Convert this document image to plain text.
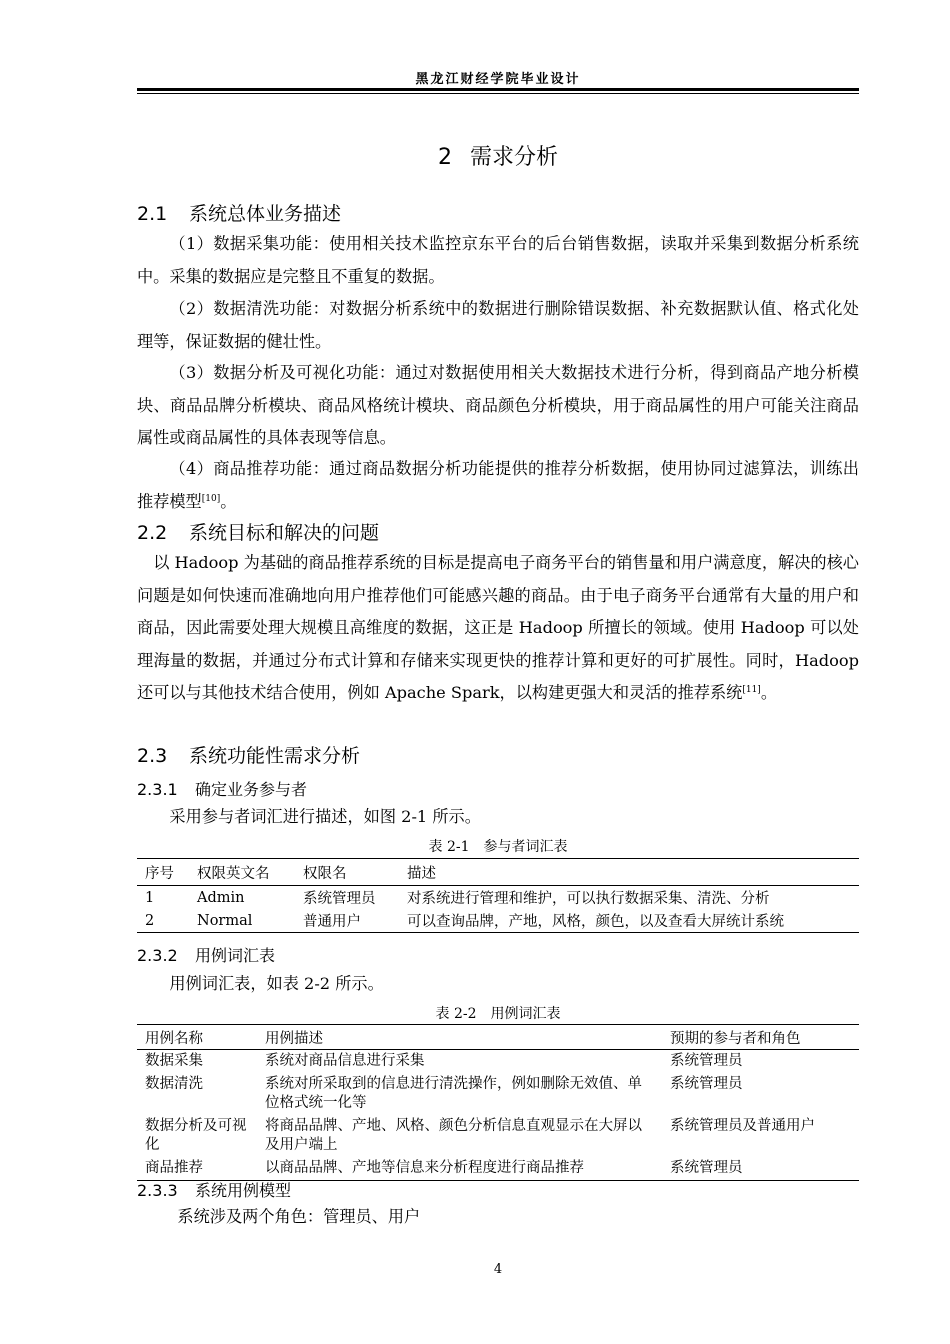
黑龙江财经学院毕业设计
2 需求分析
2.1 系统总体业务描述
（1）数据采集功能：使用相关技术监控京东平台的后台销售数据，读取并采集到数据分析系统中。采集的数据应是完整且不重复的数据。
（2）数据清洗功能：对数据分析系统中的数据进行删除错误数据、补充数据默认值、格式化处理等，保证数据的健壮性。
（3）数据分析及可视化功能：通过对数据使用相关大数据技术进行分析，得到商品产地分析模块、商品品牌分析模块、商品风格统计模块、商品颜色分析模块，用于商品属性的用户可能关注商品属性或商品属性的具体表现等信息。
（4）商品推荐功能：通过商品数据分析功能提供的推荐分析数据，使用协同过滤算法，训练出推荐模型[10]。
2.2 系统目标和解决的问题
以 Hadoop 为基础的商品推荐系统的目标是提高电子商务平台的销售量和用户满意度，解决的核心问题是如何快速而准确地向用户推荐他们可能感兴趣的商品。由于电子商务平台通常有大量的用户和商品，因此需要处理大规模且高维度的数据，这正是 Hadoop 所擅长的领域。使用 Hadoop 可以处理海量的数据，并通过分布式计算和存储来实现更快的推荐计算和更好的可扩展性。同时，Hadoop 还可以与其他技术结合使用，例如 Apache Spark，以构建更强大和灵活的推荐系统[11]。
2.3 系统功能性需求分析
2.3.1 确定业务参与者
采用参与者词汇进行描述，如图 2-1 所示。
表 2-1　参与者词汇表
序号	权限英文名	权限名	描述
1	Admin	系统管理员	对系统进行管理和维护，可以执行数据采集、清洗、分析
2	Normal	普通用户	可以查询品牌，产地，风格，颜色，以及查看大屏统计系统
2.3.2 用例词汇表
用例词汇表，如表 2-2 所示。
表 2-2　用例词汇表
用例名称	用例描述	预期的参与者和角色
数据采集	系统对商品信息进行采集	系统管理员
数据清洗	系统对所采取到的信息进行清洗操作，例如删除无效值、单位格式统一化等	系统管理员
数据分析及可视化	将商品品牌、产地、风格、颜色分析信息直观显示在大屏以及用户端上	系统管理员及普通用户
商品推荐	以商品品牌、产地等信息来分析程度进行商品推荐	系统管理员
2.3.3 系统用例模型
系统涉及两个角色：管理员、用户
4
